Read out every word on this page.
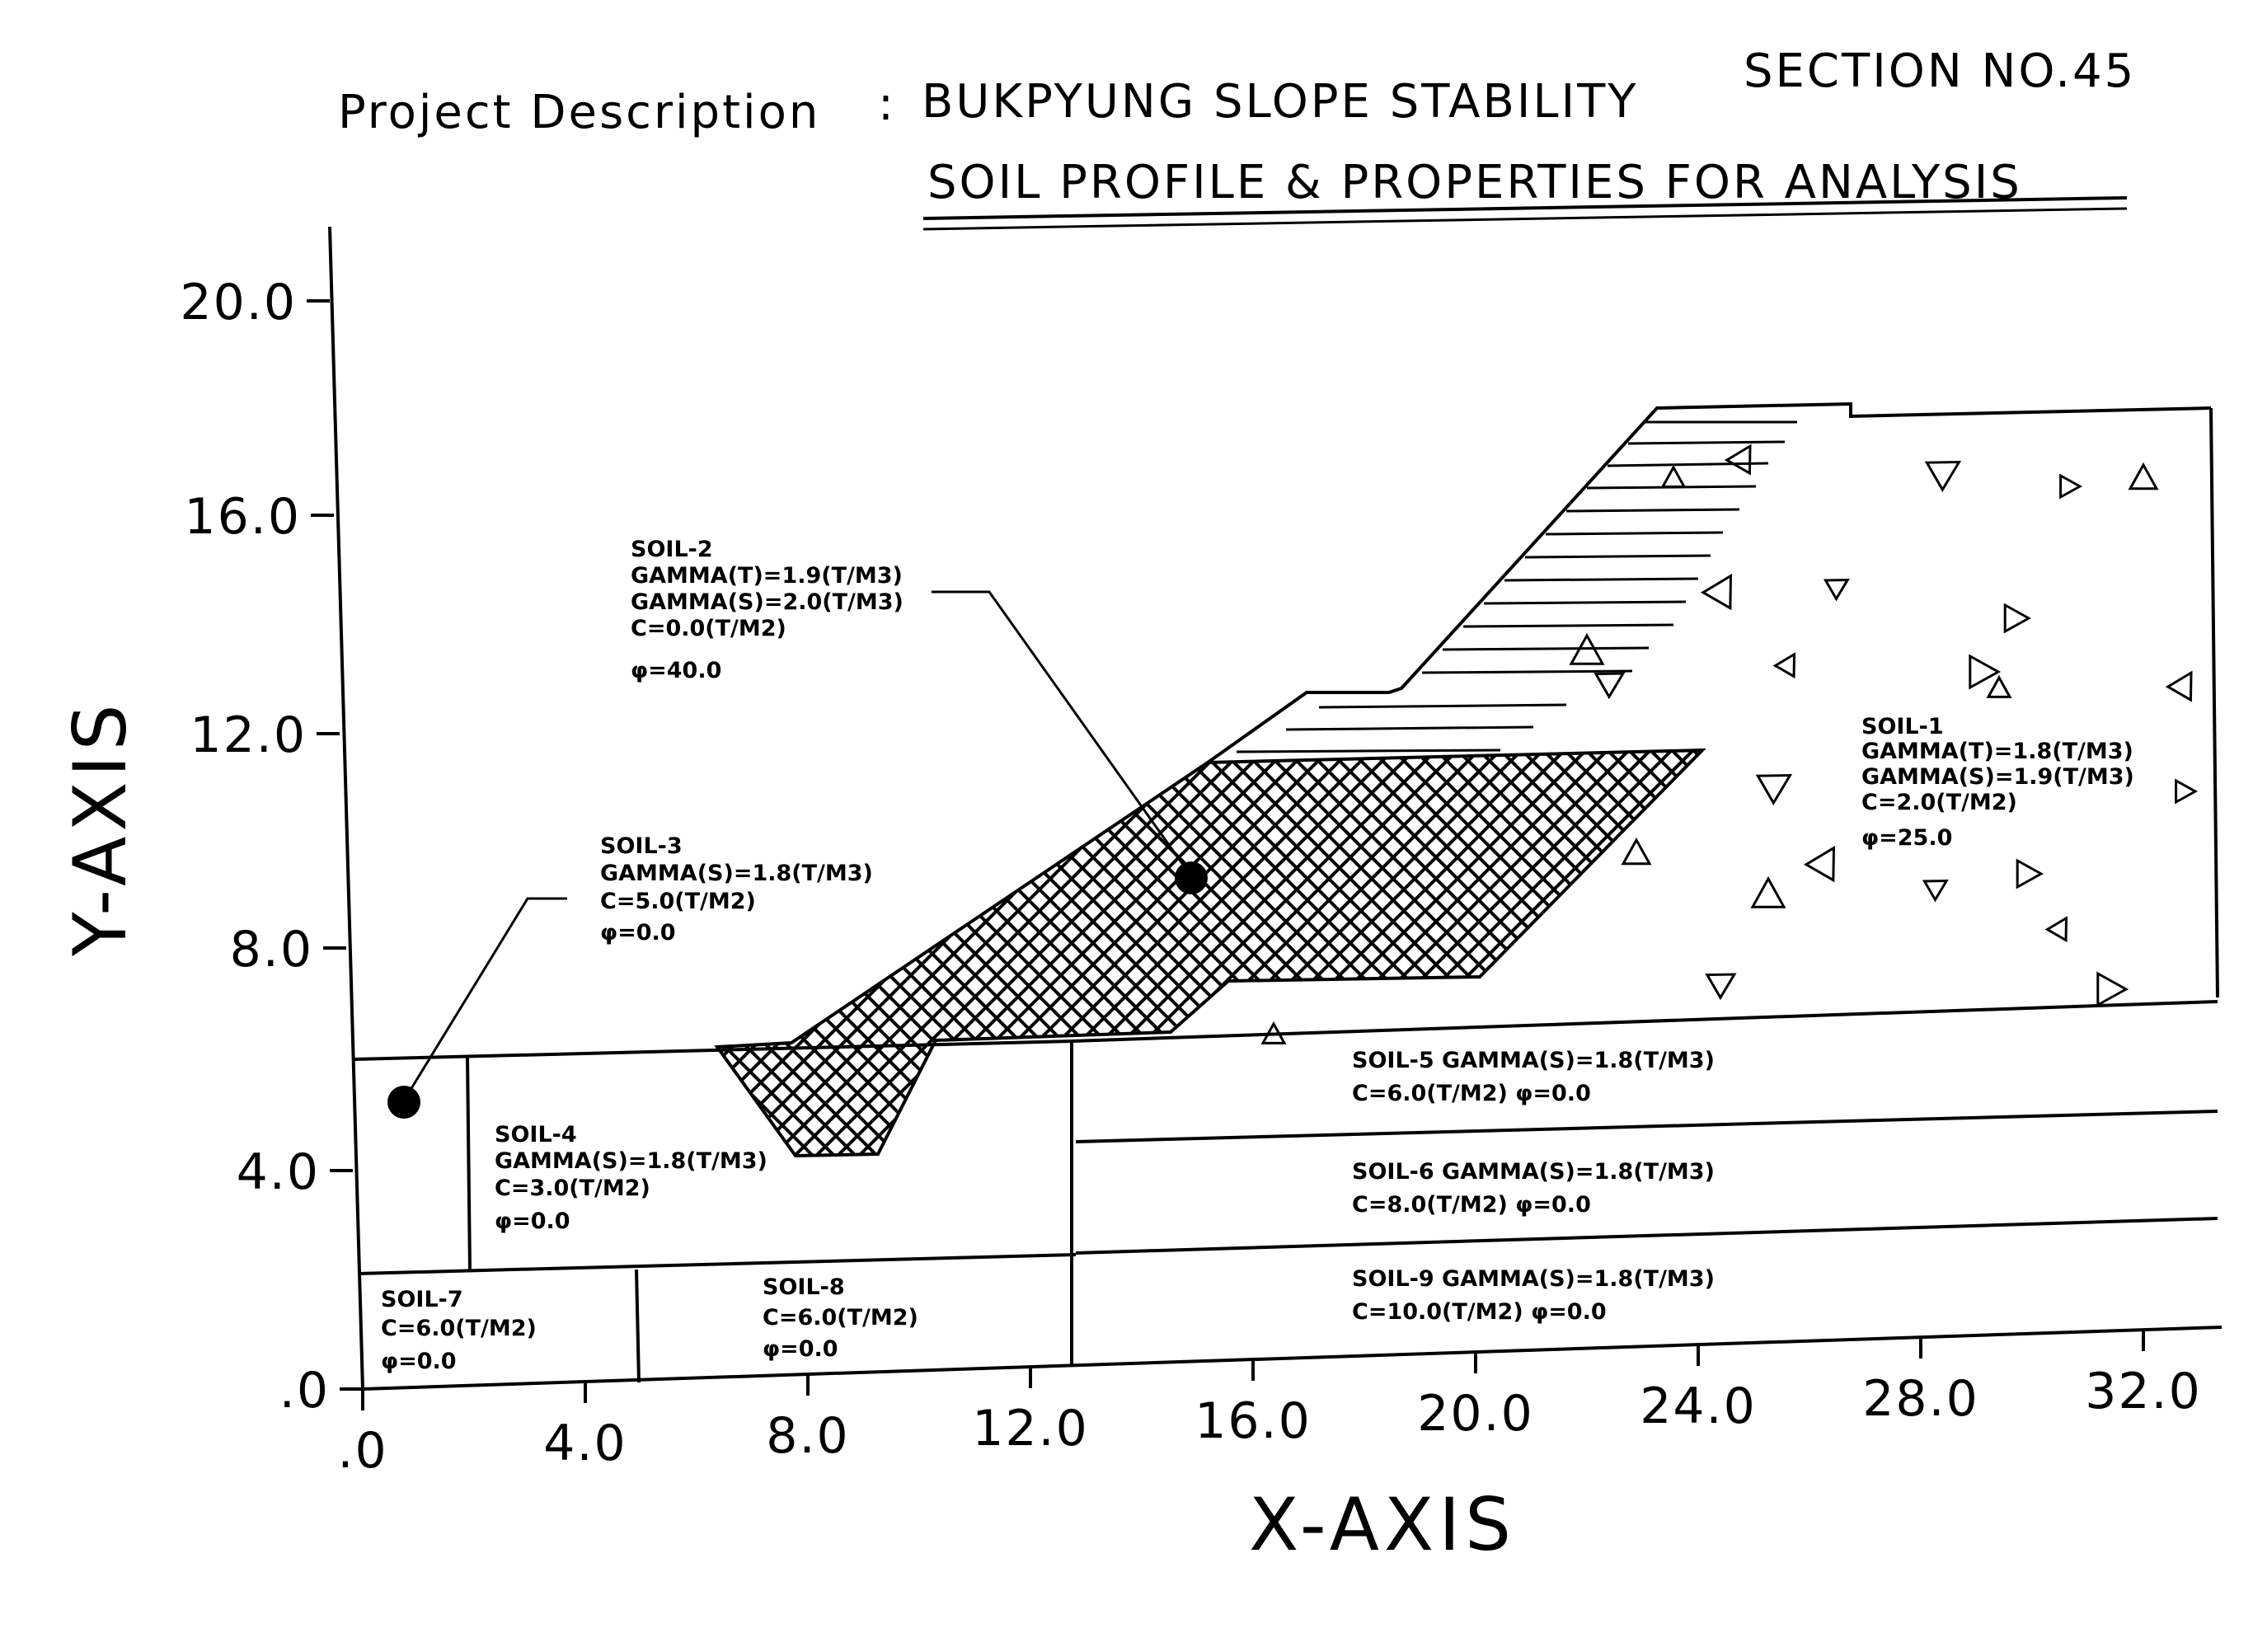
Project Description : BUKPYUNG SLOPE STABILITY
SECTION NO.45
SOIL PROFILE & PROPERTIES FOR ANALYSIS
.0
4.0
8.0
12.0
16.0
20.0
.0	4.0	8.0 12.0 16.0 20.0 24.0 28.0 32.0
Y-AXIS
X-AXIS
SOIL-2 GAMMA(T)=1.9(T/M3) GAMMA(S)=2.0(T/M3) C=0.0(T/M2) φ=40.0
SOIL-3 GAMMA(S)=1.8(T/M3) C=5.0(T/M2) φ=0.0
SOIL-4 GAMMA(S)=1.8(T/M3) C=3.0(T/M2) φ=0.0
SOIL-1 GAMMA(T)=1.8(T/M3) GAMMA(S)=1.9(T/M3) C=2.0(T/M2) φ=25.0
SOIL-5 GAMMA(S)=1.8(T/M3) C=6.0(T/M2) φ=0.0
SOIL-6 GAMMA(S)=1.8(T/M3) C=8.0(T/M2) φ=0.0
SOIL-7 C=6.0(T/M2) φ=0.0
SOIL-8 C=6.0(T/M2) φ=0.0
SOIL-9 GAMMA(S)=1.8(T/M3) C=10.0(T/M2) φ=0.0
